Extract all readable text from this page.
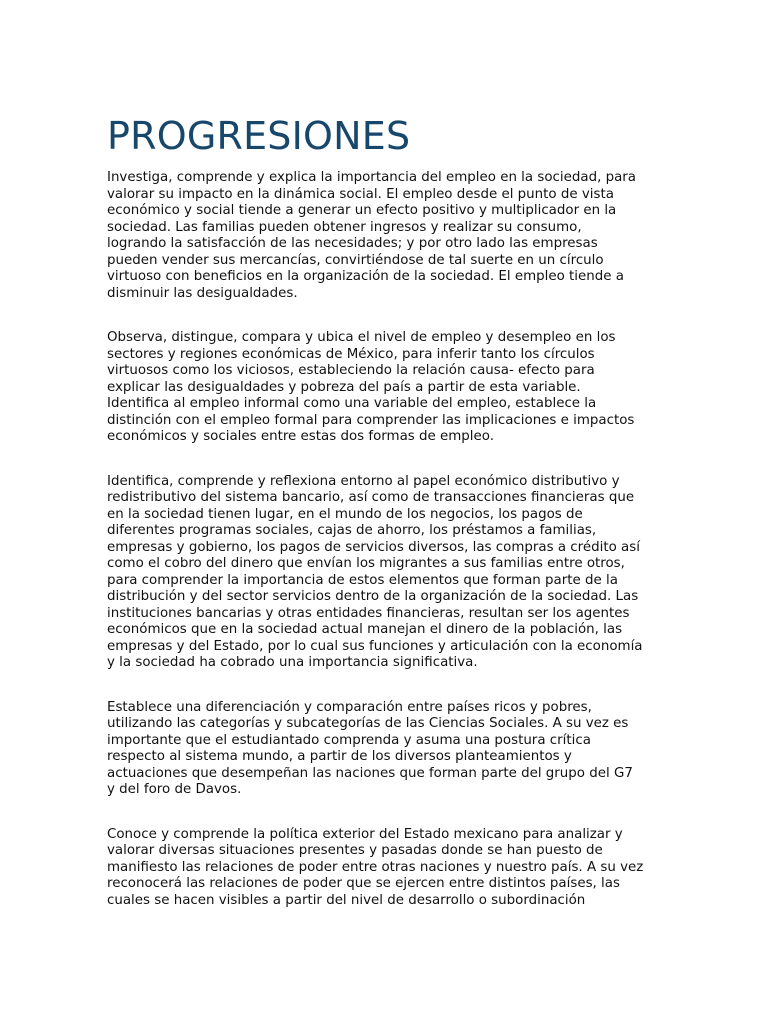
PROGRESIONES

Investiga, comprende y explica la importancia del empleo en la sociedad, para
valorar su impacto en la dinámica social. El empleo desde el punto de vista
económico y social tiende a generar un efecto positivo y multiplicador en la
sociedad. Las familias pueden obtener ingresos y realizar su consumo,
logrando la satisfacción de las necesidades; y por otro lado las empresas
pueden vender sus mercancías, convirtiéndose de tal suerte en un círculo
virtuoso con beneficios en la organización de la sociedad. El empleo tiende a
disminuir las desigualdades.

Observa, distingue, compara y ubica el nivel de empleo y desempleo en los
sectores y regiones económicas de México, para inferir tanto los círculos
virtuosos como los viciosos, estableciendo la relación causa- efecto para
explicar las desigualdades y pobreza del país a partir de esta variable.
Identifica al empleo informal como una variable del empleo, establece la
distinción con el empleo formal para comprender las implicaciones e impactos
económicos y sociales entre estas dos formas de empleo.

Identifica, comprende y reflexiona entorno al papel económico distributivo y
redistributivo del sistema bancario, así como de transacciones financieras que
en la sociedad tienen lugar, en el mundo de los negocios, los pagos de
diferentes programas sociales, cajas de ahorro, los préstamos a familias,
empresas y gobierno, los pagos de servicios diversos, las compras a crédito así
como el cobro del dinero que envían los migrantes a sus familias entre otros,
para comprender la importancia de estos elementos que forman parte de la
distribución y del sector servicios dentro de la organización de la sociedad. Las
instituciones bancarias y otras entidades financieras, resultan ser los agentes
económicos que en la sociedad actual manejan el dinero de la población, las
empresas y del Estado, por lo cual sus funciones y articulación con la economía
y la sociedad ha cobrado una importancia significativa.

Establece una diferenciación y comparación entre países ricos y pobres,
utilizando las categorías y subcategorías de las Ciencias Sociales. A su vez es
importante que el estudiantado comprenda y asuma una postura crítica
respecto al sistema mundo, a partir de los diversos planteamientos y
actuaciones que desempeñan las naciones que forman parte del grupo del G7
y del foro de Davos.

Conoce y comprende la política exterior del Estado mexicano para analizar y
valorar diversas situaciones presentes y pasadas donde se han puesto de
manifiesto las relaciones de poder entre otras naciones y nuestro país. A su vez
reconocerá las relaciones de poder que se ejercen entre distintos países, las
cuales se hacen visibles a partir del nivel de desarrollo o subordinación
